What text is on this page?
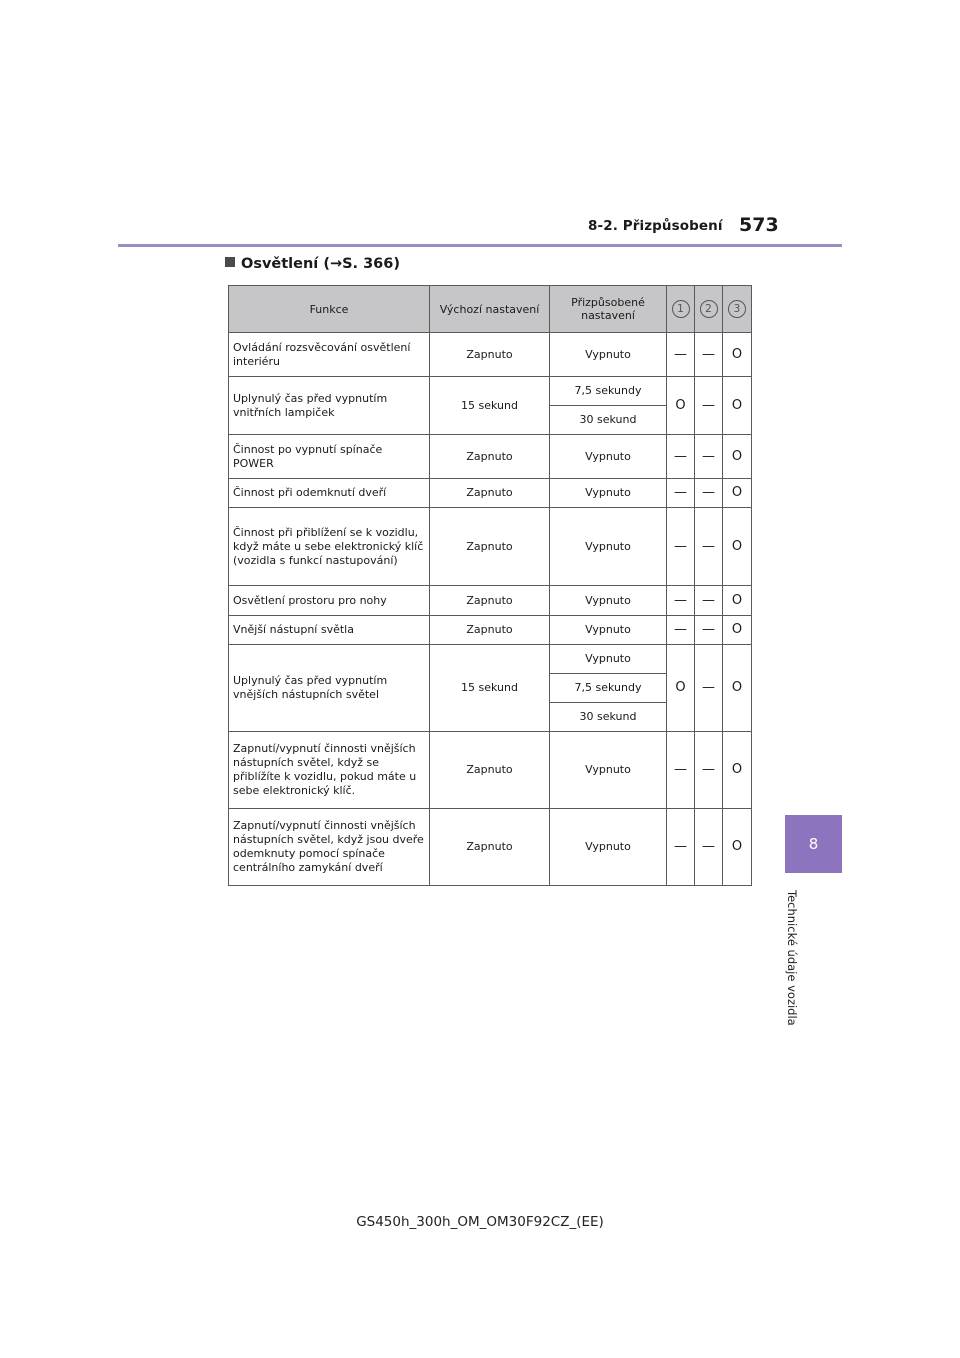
8-2. Přizpůsobení 573
Osvětlení (→S. 366)
Funkce	Výchozí nastavení	Přizpůsobené nastavení	1	2	3
Ovládání rozsvěcování osvětlení interiéru	Zapnuto	Vypnuto	—	—	O
Uplynulý čas před vypnutím vnitřních lampiček	15 sekund	7,5 sekundy	O	—	O
		30 sekund			
Činnost po vypnutí spínače POWER	Zapnuto	Vypnuto	—	—	O
Činnost při odemknutí dveří	Zapnuto	Vypnuto	—	—	O
Činnost při přiblížení se k vozidlu, když máte u sebe elektronický klíč (vozidla s funkcí nastupování)	Zapnuto	Vypnuto	—	—	O
Osvětlení prostoru pro nohy	Zapnuto	Vypnuto	—	—	O
Vnější nástupní světla	Zapnuto	Vypnuto	—	—	O
Uplynulý čas před vypnutím vnějších nástupních světel	15 sekund	Vypnuto	O	—	O
		7,5 sekundy			
		30 sekund			
Zapnutí/vypnutí činnosti vnějších nástupních světel, když se přiblížíte k vozidlu, pokud máte u sebe elektronický klíč.	Zapnuto	Vypnuto	—	—	O
Zapnutí/vypnutí činnosti vnějších nástupních světel, když jsou dveře odemknuty pomocí spínače centrálního zamykání dveří	Zapnuto	Vypnuto	—	—	O	8
Technické údaje vozidla
GS450h_300h_OM_OM30F92CZ_(EE)
